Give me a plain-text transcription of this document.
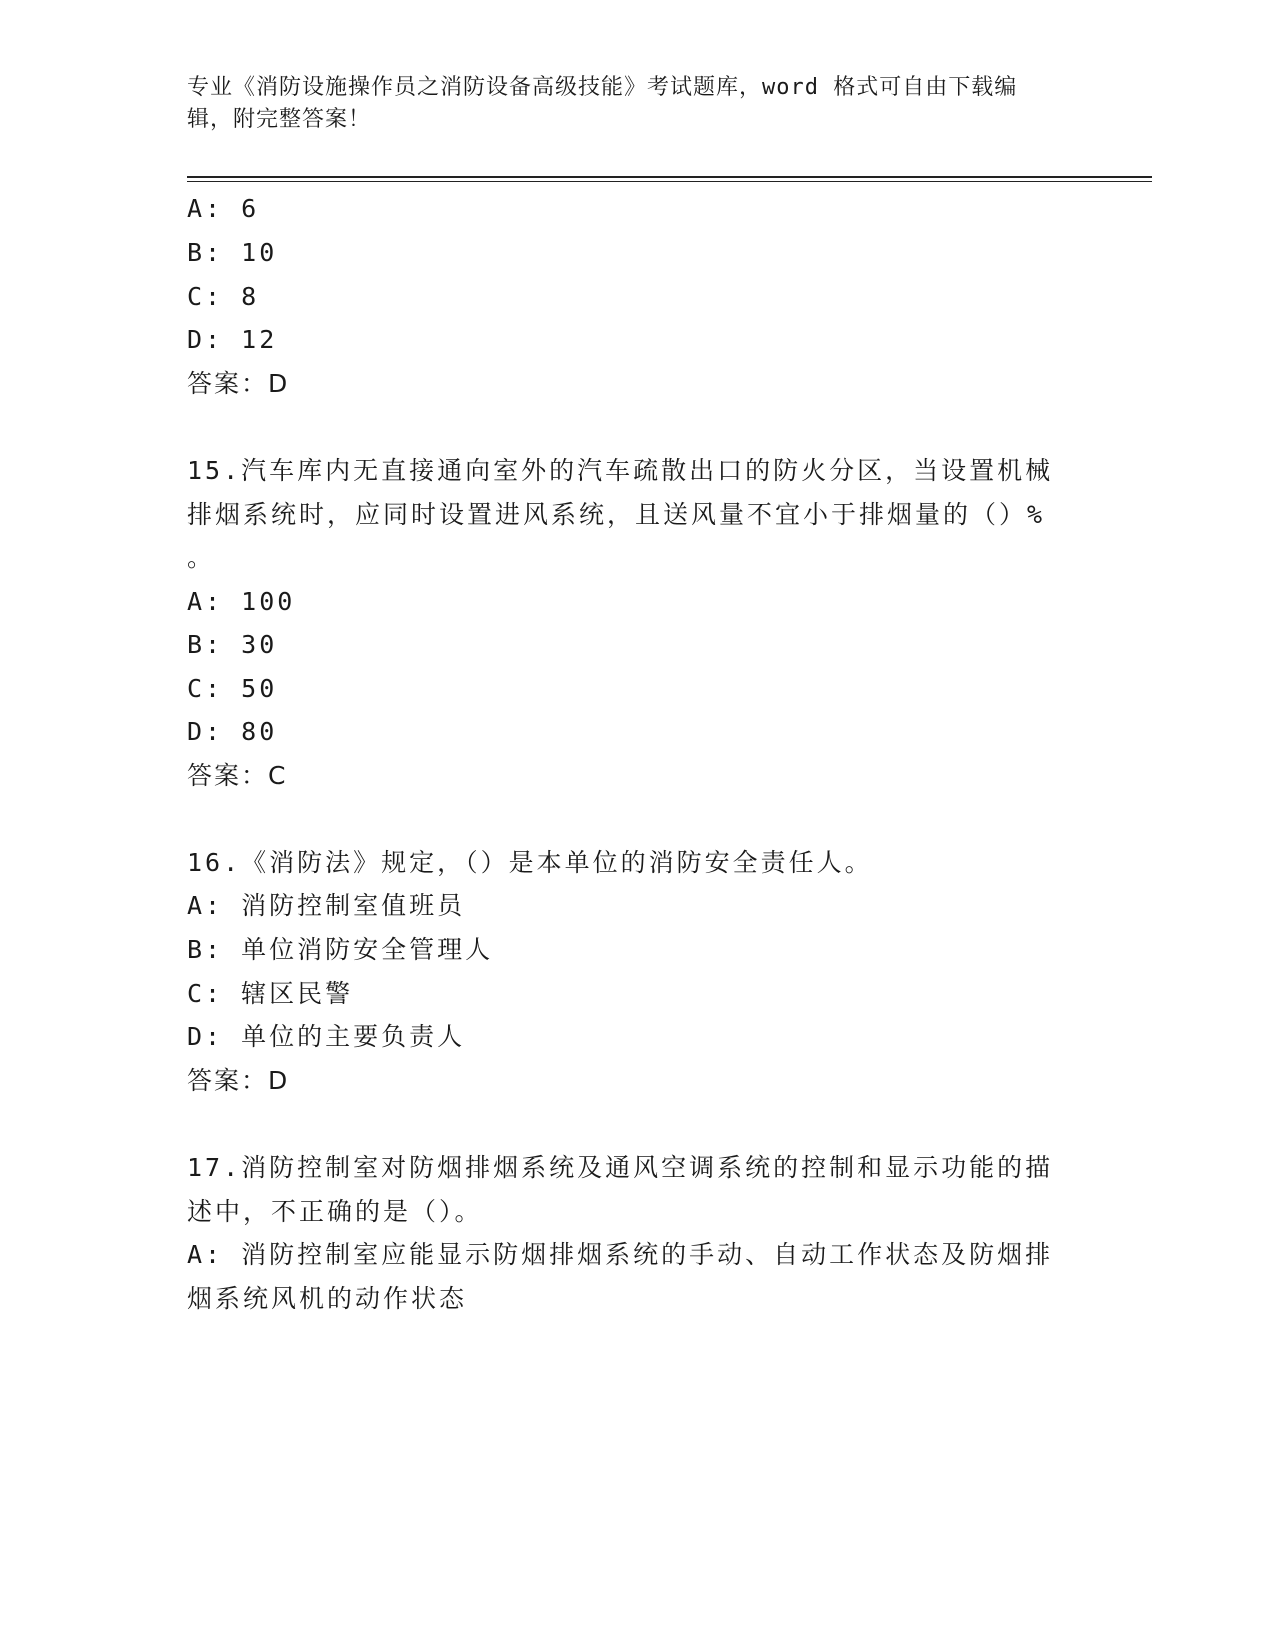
专业《消防设施操作员之消防设备高级技能》考试题库，word 格式可自由下载编
辑，附完整答案！
A: 6
B: 10
C: 8
D: 12
答案：D
15.汽车库内无直接通向室外的汽车疏散出口的防火分区，当设置机械
排烟系统时，应同时设置进风系统，且送风量不宜小于排烟量的（）%
。
A: 100
B: 30
C: 50
D: 80
答案：C
16.《消防法》规定，（）是本单位的消防安全责任人。
A: 消防控制室值班员
B: 单位消防安全管理人
C: 辖区民警
D: 单位的主要负责人
答案：D
17.消防控制室对防烟排烟系统及通风空调系统的控制和显示功能的描
述中，不正确的是（）。
A: 消防控制室应能显示防烟排烟系统的手动、自动工作状态及防烟排
烟系统风机的动作状态
